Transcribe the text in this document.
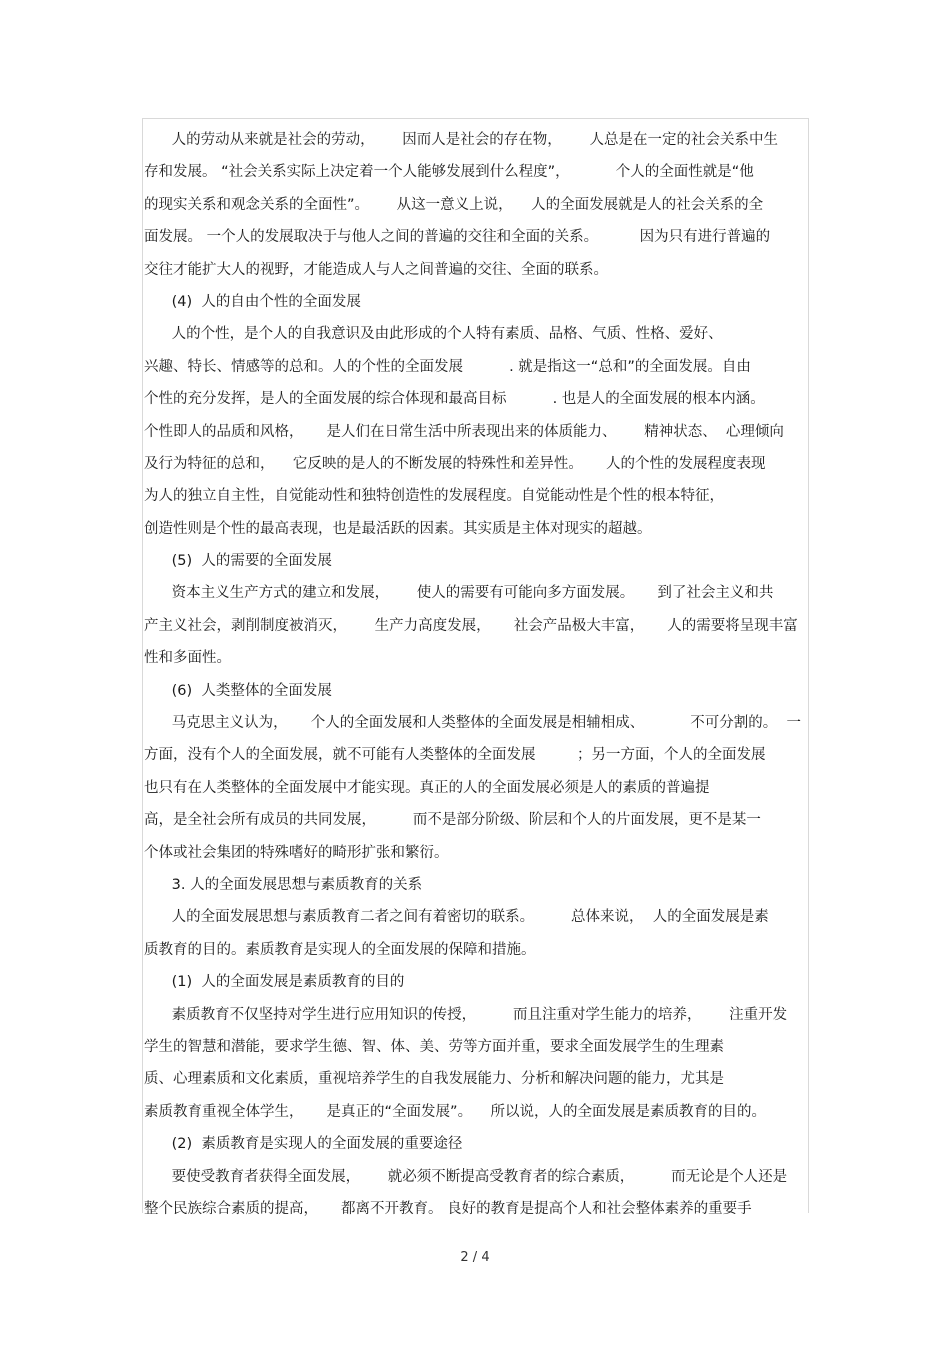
人的劳动从来就是社会的劳动，      因而人是社会的存在物，      人总是在一定的社会关系中生
存和发展。 “社会关系实际上决定着一个人能够发展到什么程度”，          个人的全面性就是“他
的现实关系和观念关系的全面性”。      从这一意义上说，    人的全面发展就是人的社会关系的全
面发展。 一个人的发展取决于与他人之间的普遍的交往和全面的关系。         因为只有进行普遍的
交往才能扩大人的视野，才能造成人与人之间普遍的交往、全面的联系。
(4)  人的自由个性的全面发展
人的个性，是个人的自我意识及由此形成的个人特有素质、品格、气质、性格、爱好、
兴趣、特长、情感等的总和。人的个性的全面发展          . 就是指这一“总和”的全面发展。自由
个性的充分发挥，是人的全面发展的综合体现和最高目标          . 也是人的全面发展的根本内涵。
个性即人的品质和风格，     是人们在日常生活中所表现出来的体质能力、      精神状态、  心理倾向
及行为特征的总和，    它反映的是人的不断发展的特殊性和差异性。     人的个性的发展程度表现
为人的独立自主性，自觉能动性和独特创造性的发展程度。自觉能动性是个性的根本特征，
创造性则是个性的最高表现，也是最活跃的因素。其实质是主体对现实的超越。
(5)  人的需要的全面发展
资本主义生产方式的建立和发展，      使人的需要有可能向多方面发展。     到了社会主义和共
产主义社会，剥削制度被消灭，      生产力高度发展，     社会产品极大丰富，     人的需要将呈现丰富
性和多面性。
(6)  人类整体的全面发展
马克思主义认为，     个人的全面发展和人类整体的全面发展是相辅相成、          不可分割的。  一
方面，没有个人的全面发展，就不可能有人类整体的全面发展         ；另一方面，个人的全面发展
也只有在人类整体的全面发展中才能实现。真正的人的全面发展必须是人的素质的普遍提
高，是全社会所有成员的共同发展，        而不是部分阶级、阶层和个人的片面发展，更不是某一
个体或社会集团的特殊嗜好的畸形扩张和繁衍。
3. 人的全面发展思想与素质教育的关系
人的全面发展思想与素质教育二者之间有着密切的联系。        总体来说，  人的全面发展是素
质教育的目的。素质教育是实现人的全面发展的保障和措施。
(1)  人的全面发展是素质教育的目的
素质教育不仅坚持对学生进行应用知识的传授，        而且注重对学生能力的培养，      注重开发
学生的智慧和潜能，要求学生德、智、体、美、劳等方面并重，要求全面发展学生的生理素
质、心理素质和文化素质，重视培养学生的自我发展能力、分析和解决问题的能力，尤其是
素质教育重视全体学生，     是真正的“全面发展”。    所以说，人的全面发展是素质教育的目的。
(2)  素质教育是实现人的全面发展的重要途径
要使受教育者获得全面发展，      就必须不断提高受教育者的综合素质，        而无论是个人还是
整个民族综合素质的提高，     都离不开教育。 良好的教育是提高个人和社会整体素养的重要手
2 / 4
